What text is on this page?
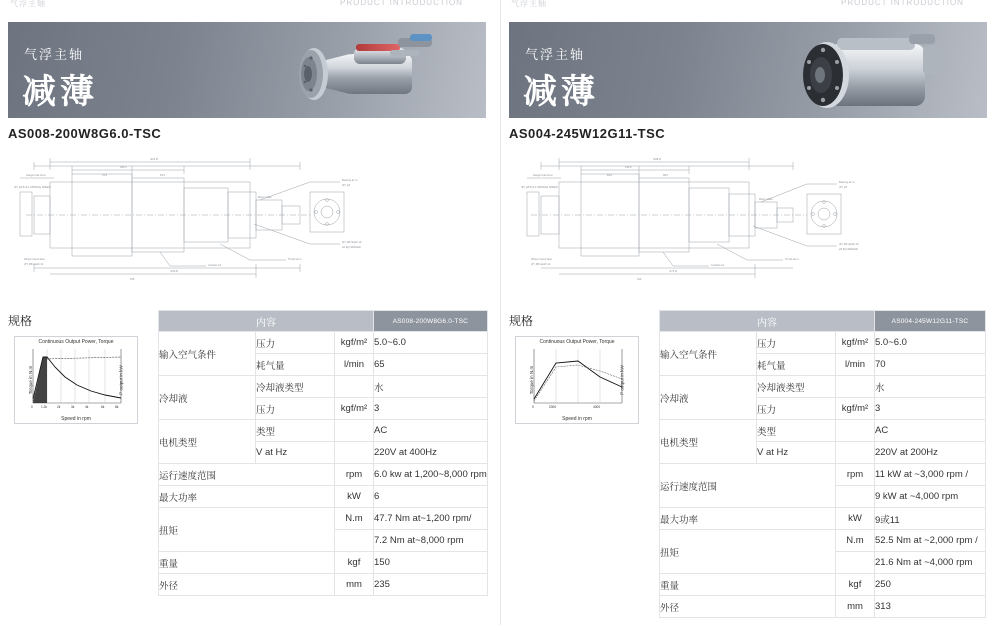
气浮主轴	PRODUCT INTRODUCTION
气浮主轴
减薄
AS008-200W8G6.0-TSC
(212.5)
180.3
76.5	63.2
(159.5)
235
Gauge hole 2mm
(6*) φ8.5×0.1 SPINDLE SPEED
Bearing air in.
(4*) φ5
(4*) M6 depth 10
φ5 EQ.SPACED
Thrust air in.
Coolant out
Wheel mount face
(4*) M8 depth 12
Motor cable
规格
Continuous Output Power, Torque
Torque in N.m	P output in kW
Speed in rpm
0	1.2k	2k	3k	4k	6k	8k
内容			AS008-200W8G6.0-TSC
输入空气条件	压力	kgf/m²	5.0~6.0
	耗气量	l/min	65
冷却液	冷却液类型		水
	压力	kgf/m²	3
电机类型	类型		AC
	V at Hz		220V at 400Hz
运行速度范围		rpm	6.0 kw at 1,200~8,000 rpm
最大功率		kW	6
扭矩		N.m	47.7 Nm at~1,200 rpm/
			7.2 Nm at~8,000 rpm
重量		kgf	150
外径		mm	235
气浮主轴	PRODUCT INTRODUCTION
气浮主轴
减薄
AS004-245W12G11-TSC
(238.0)
195.0
82.0	68.0
(172.0)
313
Gauge hole 2mm
(6*) φ8.5×0.1 SPINDLE SPEED
Bearing air in.
(4*) φ5
(4*) M6 depth 10
φ5 EQ.SPACED
Thrust air in.
Coolant out
Wheel mount face
(4*) M8 depth 12
Motor cable
规格
Continuous Output Power, Torque
Torque in N.m	P output in kW
Speed in rpm
0	2000	4000
内容			AS004-245W12G11-TSC
输入空气条件	压力	kgf/m²	5.0~6.0
	耗气量	l/min	70
冷却液	冷却液类型		水
	压力	kgf/m²	3
电机类型	类型		AC
	V at Hz		220V at 200Hz
运行速度范围		rpm	11 kW at ~3,000 rpm /
			9 kW at ~4,000 rpm
最大功率		kW	9或11
扭矩		N.m	52.5 Nm at ~2,000 rpm /
			21.6 Nm at ~4,000 rpm
重量		kgf	250
外径		mm	313
